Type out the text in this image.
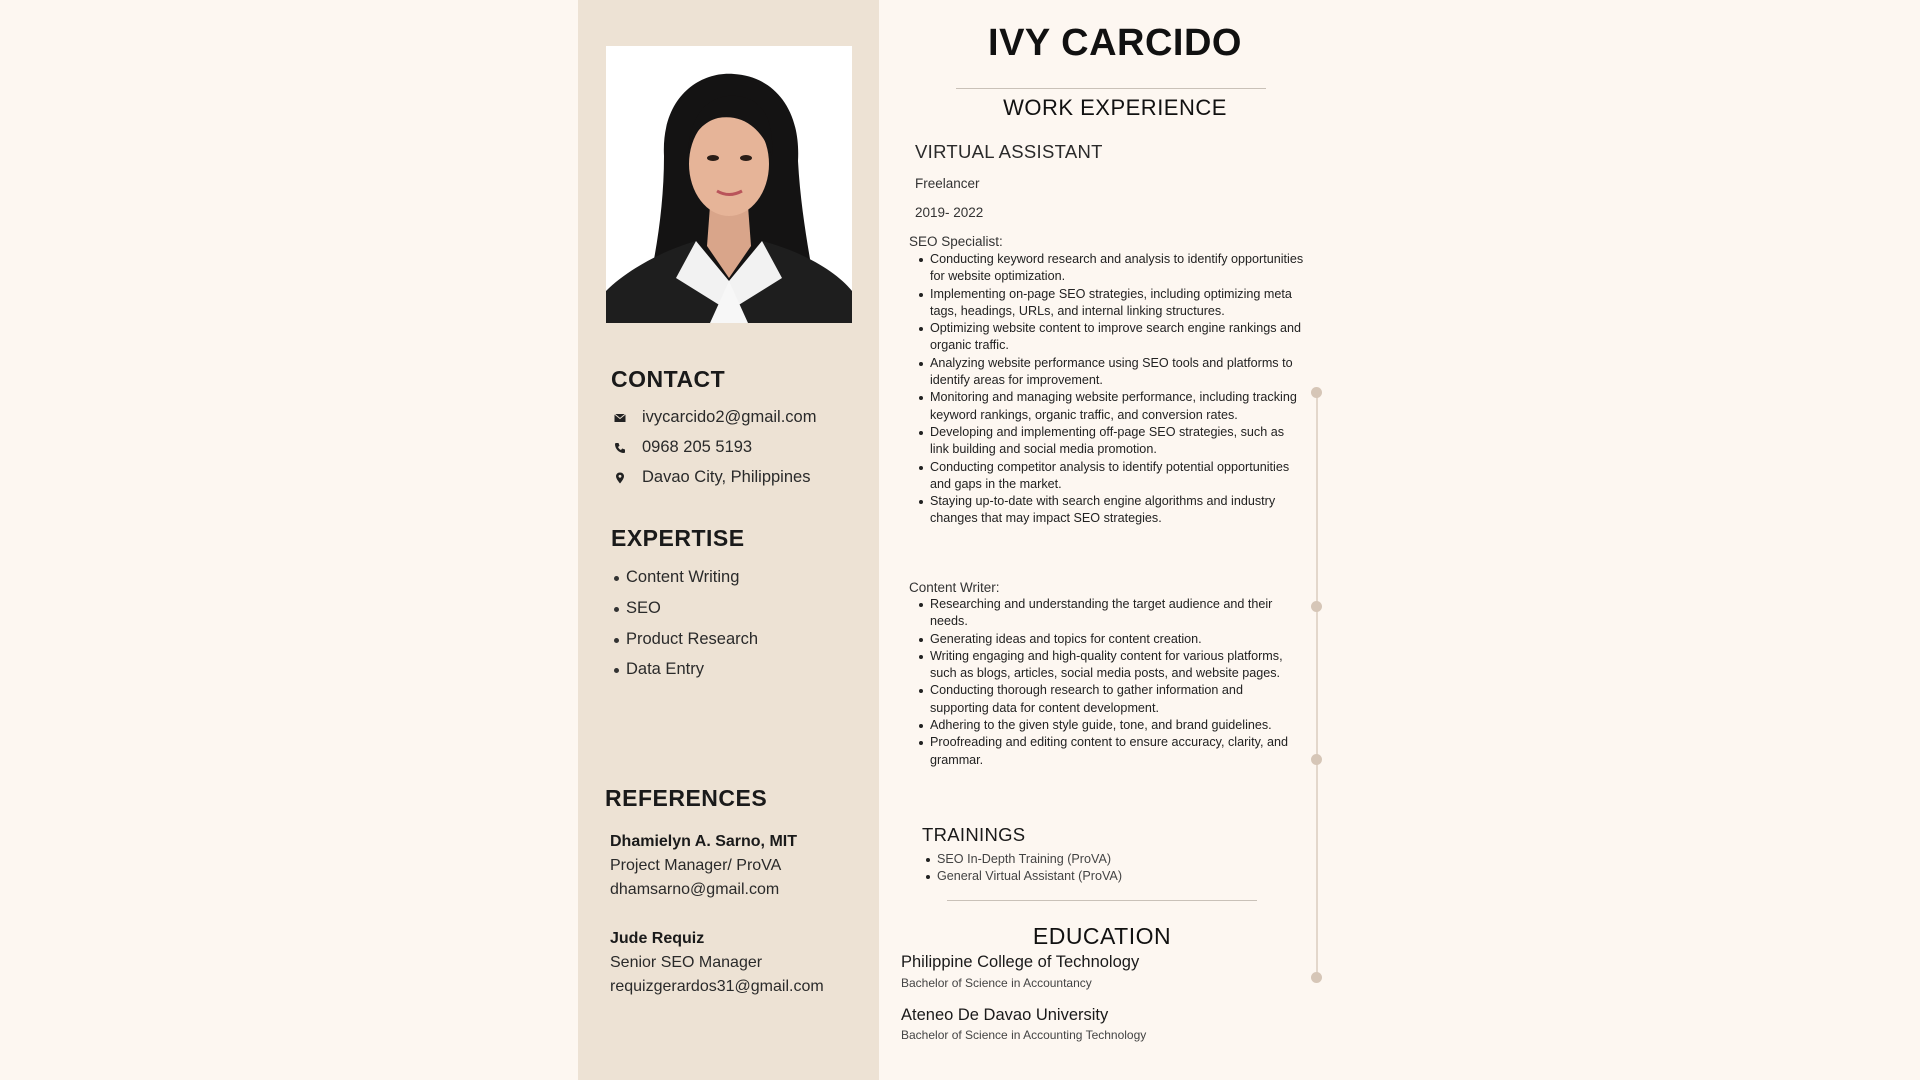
CONTACT
ivycarcido2@gmail.com
0968 205 5193
Davao City, Philippines
EXPERTISE
Content Writing
SEO
Product Research
Data Entry
REFERENCES
Dhamielyn A. Sarno, MIT
Project Manager/ ProVA
dhamsarno@gmail.com
Jude Requiz
Senior SEO Manager
requizgerardos31@gmail.com
IVY CARCIDO
WORK EXPERIENCE
VIRTUAL ASSISTANT
Freelancer
2019- 2022
SEO Specialist:
Conducting keyword research and analysis to identify opportunities for website optimization.
Implementing on-page SEO strategies, including optimizing meta tags, headings, URLs, and internal linking structures.
Optimizing website content to improve search engine rankings and organic traffic.
Analyzing website performance using SEO tools and platforms to identify areas for improvement.
Monitoring and managing website performance, including tracking keyword rankings, organic traffic, and conversion rates.
Developing and implementing off-page SEO strategies, such as link building and social media promotion.
Conducting competitor analysis to identify potential opportunities and gaps in the market.
Staying up-to-date with search engine algorithms and industry changes that may impact SEO strategies.
Content Writer:
Researching and understanding the target audience and their needs.
Generating ideas and topics for content creation.
Writing engaging and high-quality content for various platforms, such as blogs, articles, social media posts, and website pages.
Conducting thorough research to gather information and supporting data for content development.
Adhering to the given style guide, tone, and brand guidelines.
Proofreading and editing content to ensure accuracy, clarity, and grammar.
TRAININGS
SEO In-Depth Training (ProVA)
General Virtual Assistant (ProVA)
EDUCATION
Philippine College of Technology
Bachelor of Science in Accountancy
Ateneo De Davao University
Bachelor of Science in Accounting Technology
